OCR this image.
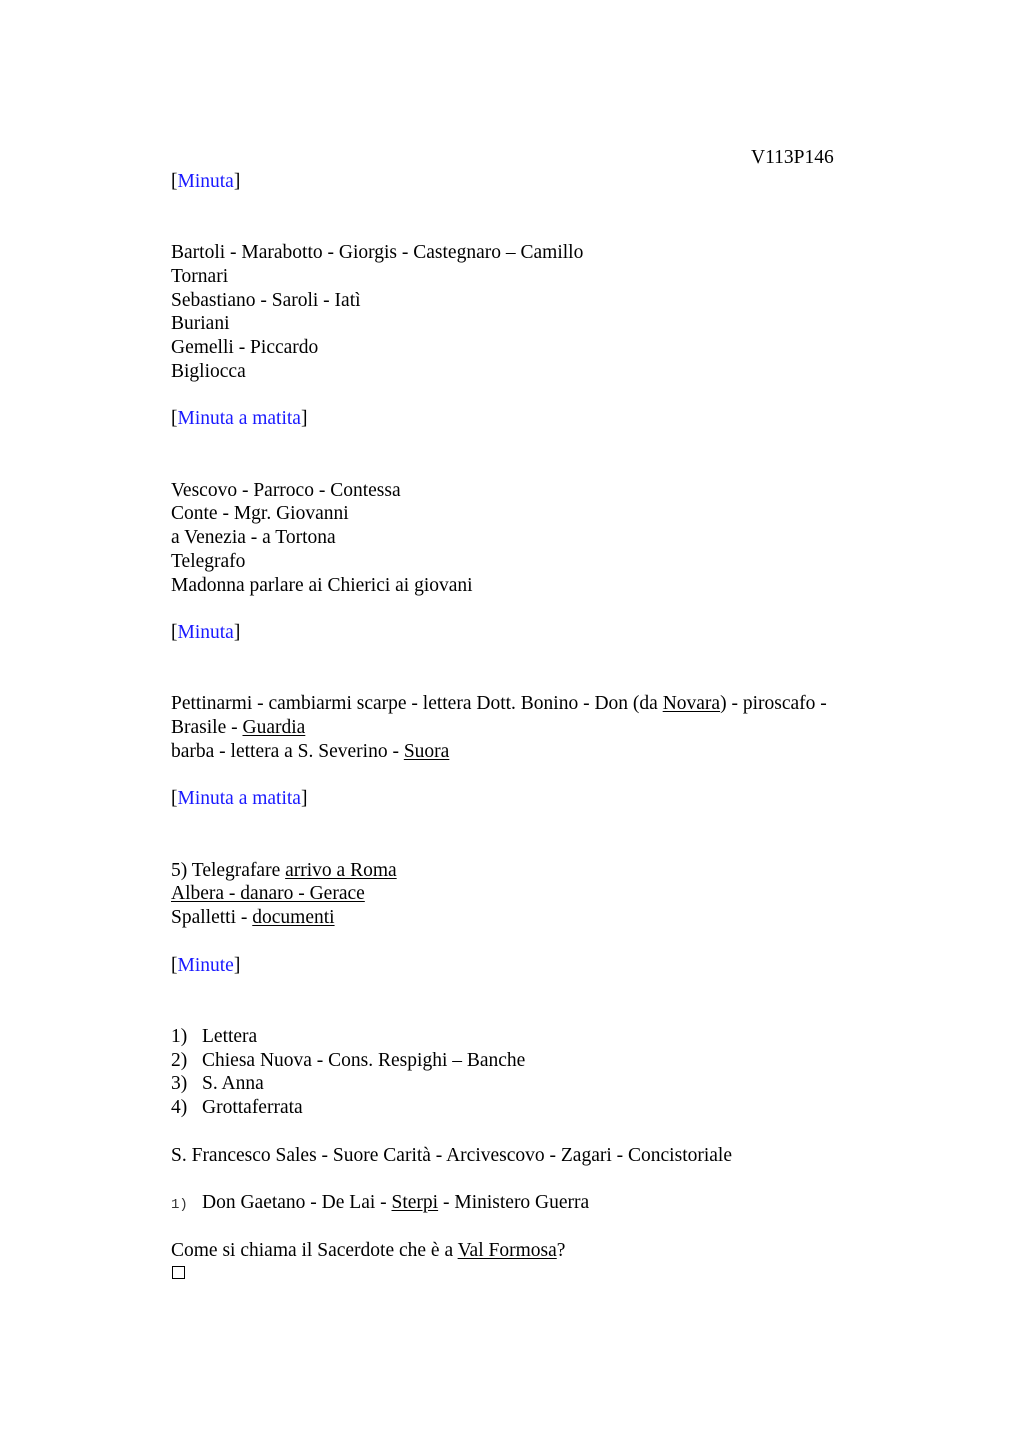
V113P146
[Minuta]
Bartoli - Marabotto - Giorgis - Castegnaro – Camillo
Tornari
Sebastiano - Saroli - Iatì
Buriani
Gemelli - Piccardo
Bigliocca
[Minuta a matita]
Vescovo - Parroco - Contessa
Conte - Mgr. Giovanni
a Venezia - a Tortona
Telegrafo
Madonna parlare ai Chierici ai giovani
[Minuta]
Pettinarmi - cambiarmi scarpe - lettera Dott. Bonino - Don (da Novara) - piroscafo -
Brasile - Guardia
barba - lettera a S. Severino - Suora
[Minuta a matita]
5) Telegrafare arrivo a Roma
Albera - danaro - Gerace
Spalletti - documenti
[Minute]
1) Lettera
2) Chiesa Nuova - Cons. Respighi – Banche
3) S. Anna
4) Grottaferrata
S. Francesco Sales - Suore Carità - Arcivescovo - Zagari - Concistoriale
1) Don Gaetano - De Lai - Sterpi - Ministero Guerra
Come si chiama il Sacerdote che è a Val Formosa?
